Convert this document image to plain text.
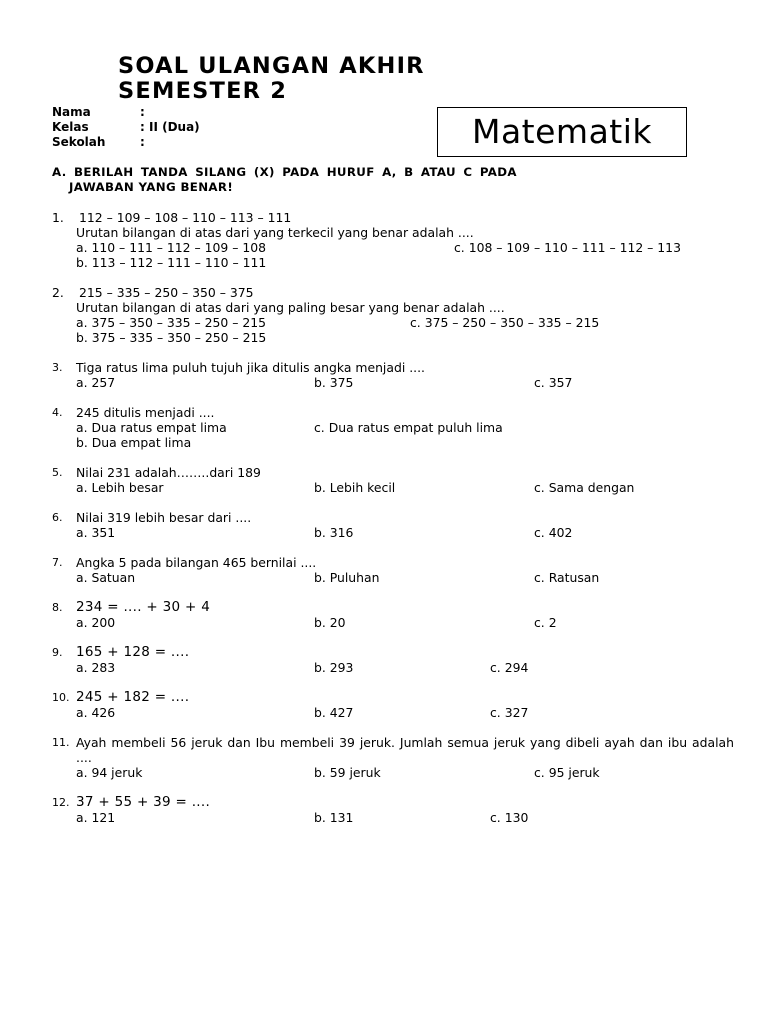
SOAL ULANGAN AKHIR
SEMESTER 2
Nama	:
Kelas	: II (Dua)
Sekolah	:	Matematik
A. BERILAH TANDA SILANG (X) PADA HURUF A, B ATAU C PADA
JAWABAN YANG BENAR!
1. 112 – 109 – 108 – 110 – 113 – 111
Urutan bilangan di atas dari yang terkecil yang benar adalah ....
a. 110 – 111 – 112 – 109 – 108	c. 108 – 109 – 110 – 111 – 112 – 113
b. 113 – 112 – 111 – 110 – 111
2. 215 – 335 – 250 – 350 – 375
Urutan bilangan di atas dari yang paling besar yang benar adalah ....
a. 375 – 350 – 335 – 250 – 215	c. 375 – 250 – 350 – 335 – 215
b. 375 – 335 – 350 – 250 – 215
3. Tiga ratus lima puluh tujuh jika ditulis angka menjadi ....
a. 257	b. 375	c. 357
4. 245 ditulis menjadi ....
a. Dua ratus empat lima	c. Dua ratus empat puluh lima
b. Dua empat lima
5. Nilai 231 adalah……..dari 189
a. Lebih besar	b. Lebih kecil	c. Sama dengan
6. Nilai 319 lebih besar dari ....
a. 351	b. 316	c. 402
7. Angka 5 pada bilangan 465 bernilai ....
a. Satuan	b. Puluhan	c. Ratusan
8. 234 = .... + 30 + 4
a. 200	b. 20	c. 2
9. 165 + 128 = ....
a. 283	b. 293	c. 294
10. 245 + 182 = ....
a. 426	b. 427	c. 327
11. Ayah membeli 56 jeruk dan Ibu membeli 39 jeruk. Jumlah semua jeruk yang dibeli ayah dan ibu adalah ....
a. 94 jeruk	b. 59 jeruk	c. 95 jeruk
12. 37 + 55 + 39 = ....
a. 121	b. 131	c. 130
